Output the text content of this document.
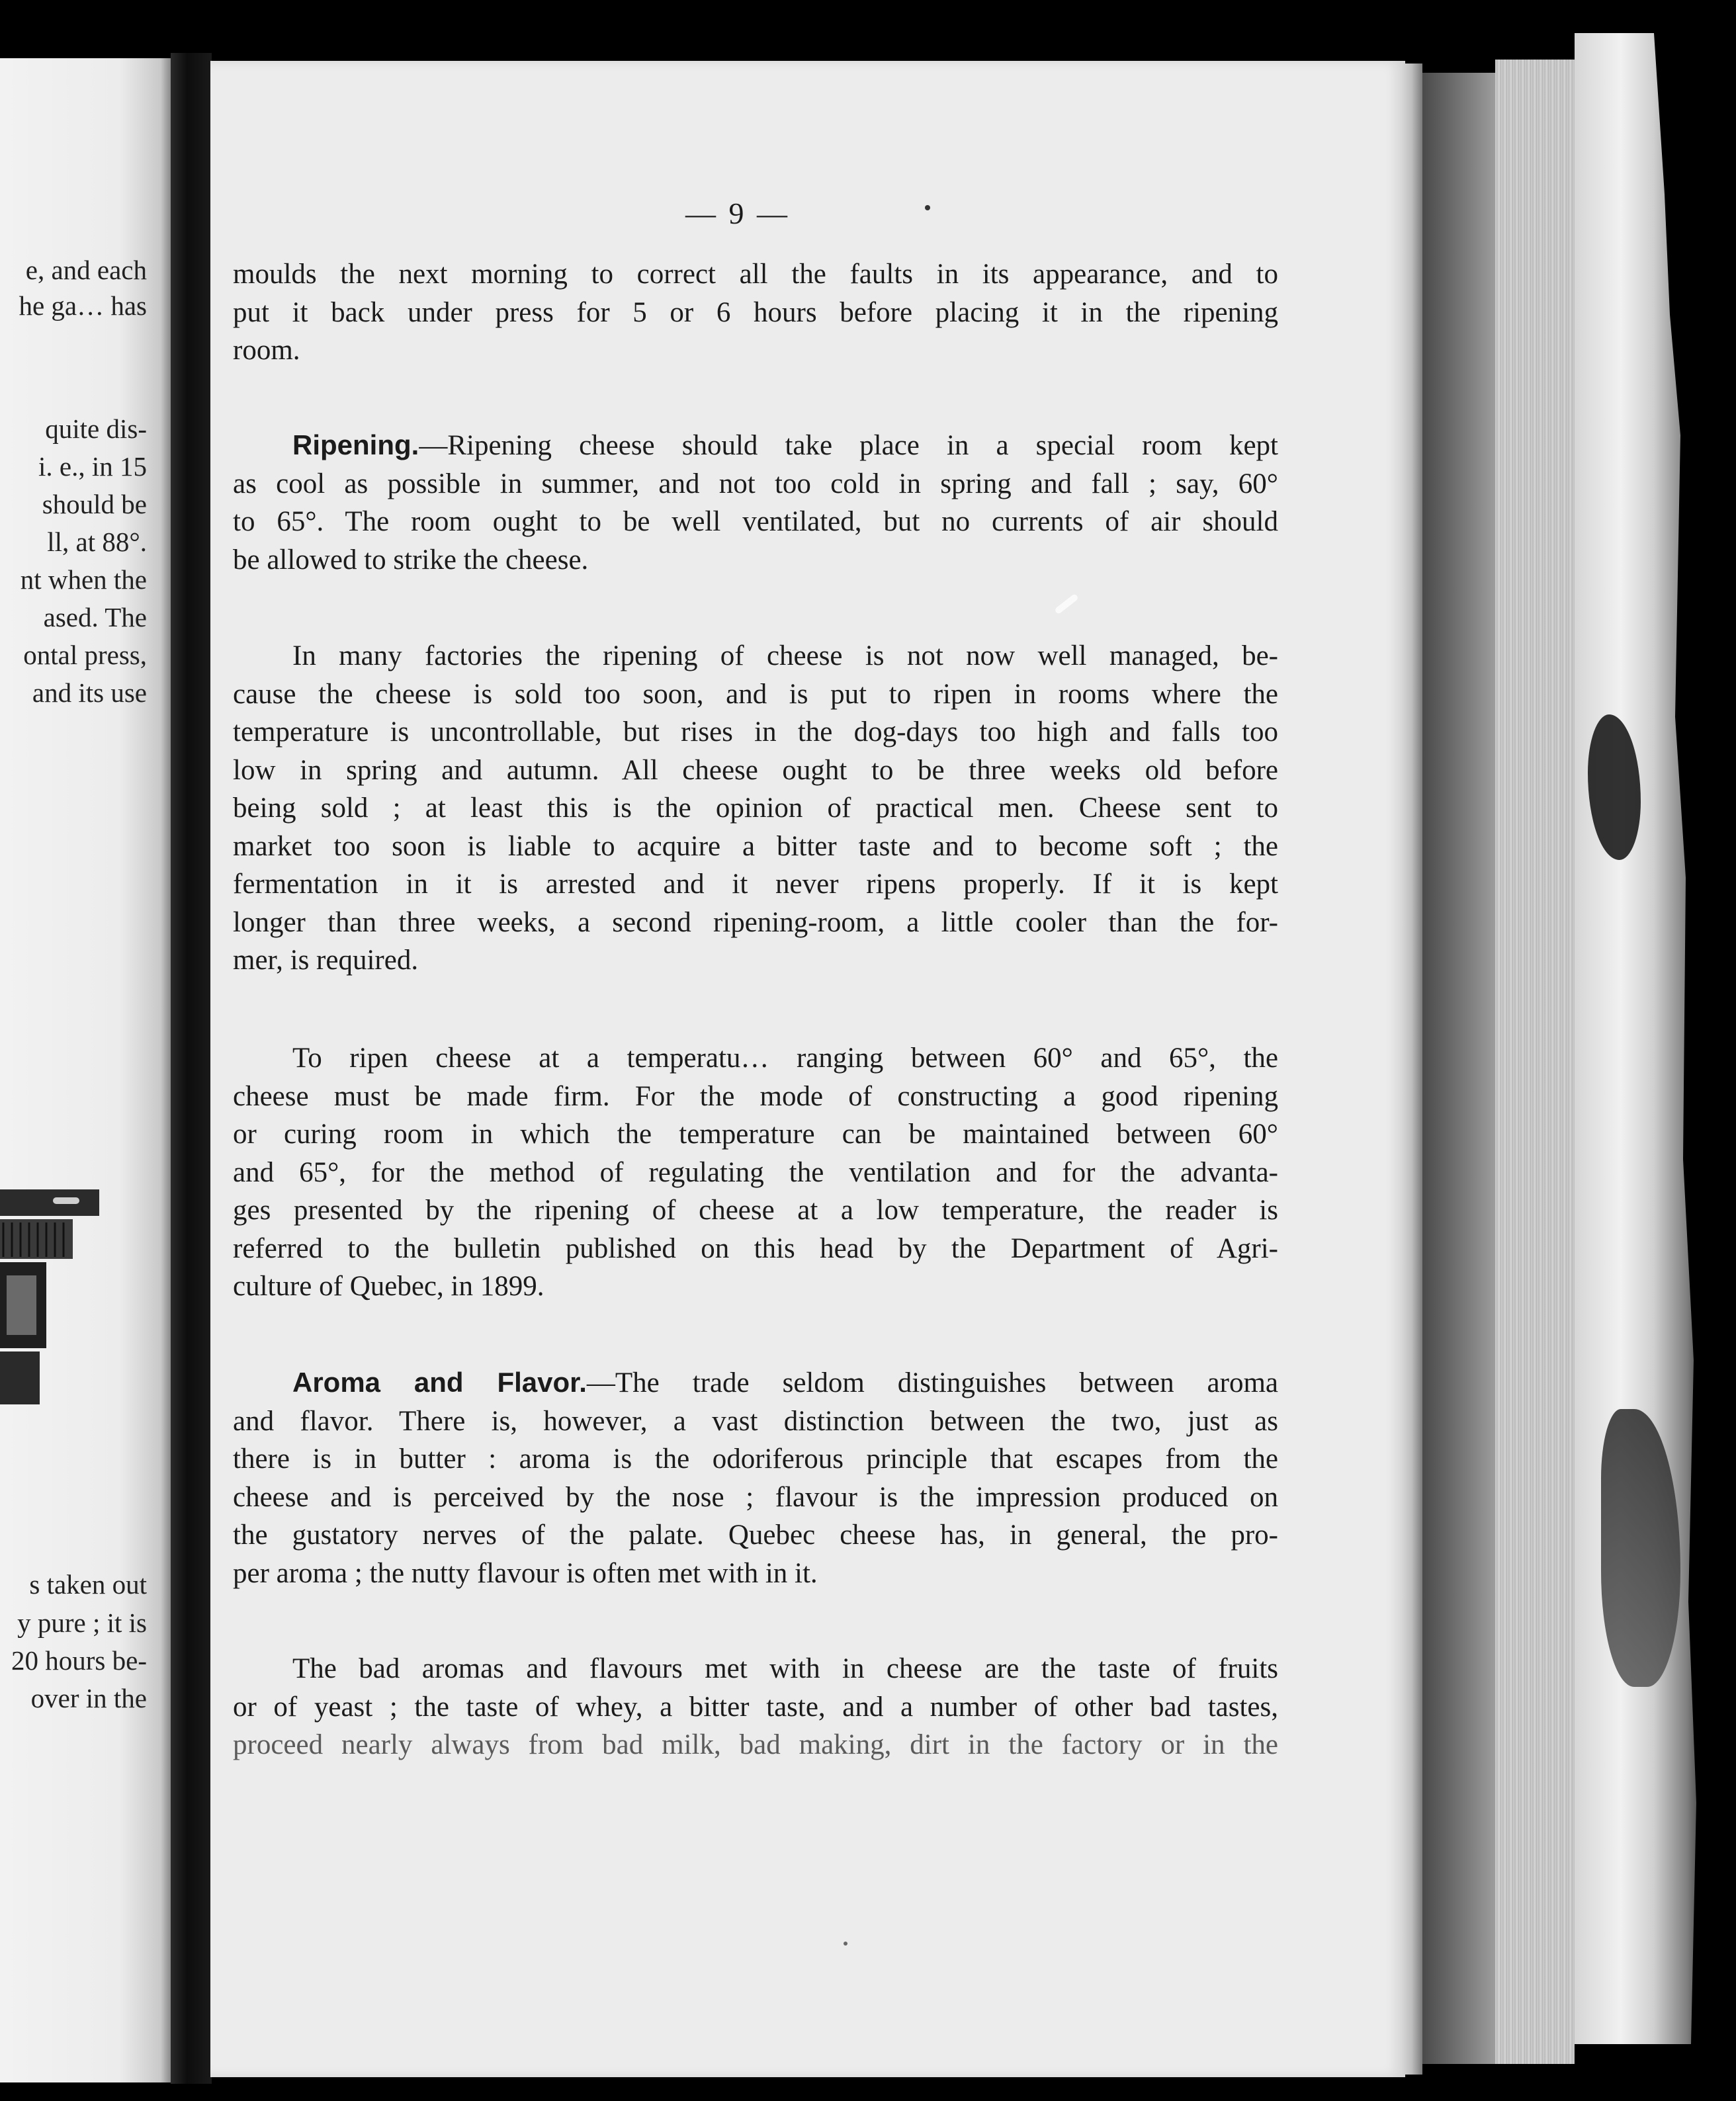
e, and each
he ga… has
quite dis-
i. e., in 15
should be
ll, at 88°.
nt when the
ased. The
ontal press,
and its use
s taken out
y pure ; it is
20 hours be-
over in the
— 9 —
moulds the next morning to correct all the faults in its appearance, and to
put it back under press for 5 or 6 hours before placing it in the ripening
room.
Ripening.—Ripening cheese should take place in a special room kept
as cool as possible in summer, and not too cold in spring and fall ; say, 60°
to 65°. The room ought to be well ventilated, but no currents of air should
be allowed to strike the cheese.
In many factories the ripening of cheese is not now well managed, be-
cause the cheese is sold too soon, and is put to ripen in rooms where the
temperature is uncontrollable, but rises in the dog-days too high and falls too
low in spring and autumn. All cheese ought to be three weeks old before
being sold ; at least this is the opinion of practical men. Cheese sent to
market too soon is liable to acquire a bitter taste and to become soft ; the
fermentation in it is arrested and it never ripens properly. If it is kept
longer than three weeks, a second ripening-room, a little cooler than the for-
mer, is required.
To ripen cheese at a temperatu… ranging between 60° and 65°, the
cheese must be made firm. For the mode of constructing a good ripening
or curing room in which the temperature can be maintained between 60°
and 65°, for the method of regulating the ventilation and for the advanta-
ges presented by the ripening of cheese at a low temperature, the reader is
referred to the bulletin published on this head by the Department of Agri-
culture of Quebec, in 1899.
Aroma and Flavor.—The trade seldom distinguishes between aroma
and flavor. There is, however, a vast distinction between the two, just as
there is in butter : aroma is the odoriferous principle that escapes from the
cheese and is perceived by the nose ; flavour is the impression produced on
the gustatory nerves of the palate. Quebec cheese has, in general, the pro-
per aroma ; the nutty flavour is often met with in it.
The bad aromas and flavours met with in cheese are the taste of fruits
or of yeast ; the taste of whey, a bitter taste, and a number of other bad tastes,
proceed nearly always from bad milk, bad making, dirt in the factory or in the
